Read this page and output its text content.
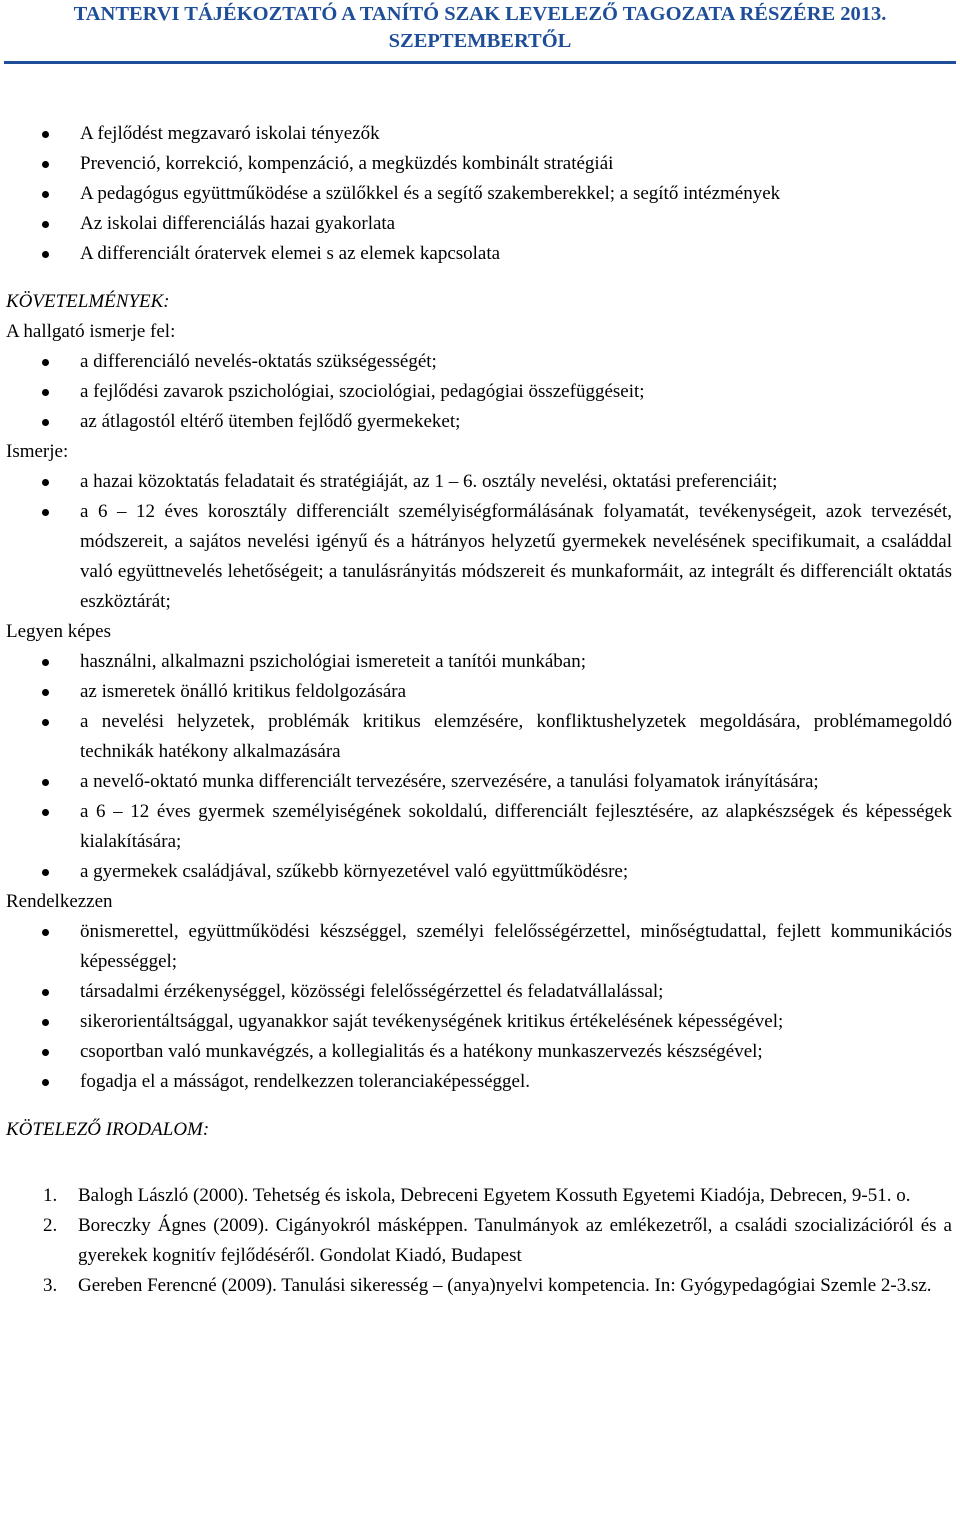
TANTERVI TÁJÉKOZTATÓ A TANÍTÓ SZAK LEVELEZŐ TAGOZATA RÉSZÉRE 2013.
SZEPTEMBERTŐL
A fejlődést megzavaró iskolai tényezők
Prevenció, korrekció, kompenzáció, a megküzdés kombinált stratégiái
A pedagógus együttműködése a szülőkkel és a segítő szakemberekkel; a segítő intézmények
Az iskolai differenciálás hazai gyakorlata
A differenciált óratervek elemei s az elemek kapcsolata
KÖVETELMÉNYEK:
A hallgató ismerje fel:
a differenciáló nevelés-oktatás szükségességét;
a fejlődési zavarok pszichológiai, szociológiai, pedagógiai összefüggéseit;
az átlagostól eltérő ütemben fejlődő gyermekeket;
Ismerje:
a hazai közoktatás feladatait és stratégiáját, az 1 – 6. osztály nevelési, oktatási preferenciáit;
a 6 – 12 éves korosztály differenciált személyiségformálásának folyamatát, tevékenységeit, azok tervezését, módszereit, a sajátos nevelési igényű és a hátrányos helyzetű gyermekek nevelésének specifikumait, a családdal való együttnevelés lehetőségeit; a tanulásrányitás módszereit és munkaformáit, az integrált és differenciált oktatás eszköztárát;
Legyen képes
használni, alkalmazni pszichológiai ismereteit a tanítói munkában;
az ismeretek önálló kritikus feldolgozására
a nevelési helyzetek, problémák kritikus elemzésére, konfliktushelyzetek megoldására, problémamegoldó technikák hatékony alkalmazására
a nevelő-oktató munka differenciált tervezésére, szervezésére, a tanulási folyamatok irányítására;
a 6 – 12 éves gyermek személyiségének sokoldalú, differenciált fejlesztésére, az alapkészségek és képességek kialakítására;
a gyermekek családjával, szűkebb környezetével való együttműködésre;
Rendelkezzen
önismerettel, együttműködési készséggel, személyi felelősségérzettel, minőségtudattal, fejlett kommunikációs képességgel;
társadalmi érzékenységgel, közösségi felelősségérzettel és feladatvállalással;
sikerorientáltsággal, ugyanakkor saját tevékenységének kritikus értékelésének képességével;
csoportban való munkavégzés, a kollegialitás és a hatékony munkaszervezés készségével;
fogadja el a másságot, rendelkezzen toleranciaképességgel.
KÖTELEZŐ IRODALOM:
1. Balogh László (2000). Tehetség és iskola, Debreceni Egyetem Kossuth Egyetemi Kiadója, Debrecen, 9-51. o.
2. Boreczky Ágnes (2009). Cigányokról másképpen. Tanulmányok az emlékezetről, a családi szocializációról és a gyerekek kognitív fejlődéséről. Gondolat Kiadó, Budapest
3. Gereben Ferencné (2009). Tanulási sikeresség – (anya)nyelvi kompetencia. In: Gyógypedagógiai Szemle 2-3.sz.
